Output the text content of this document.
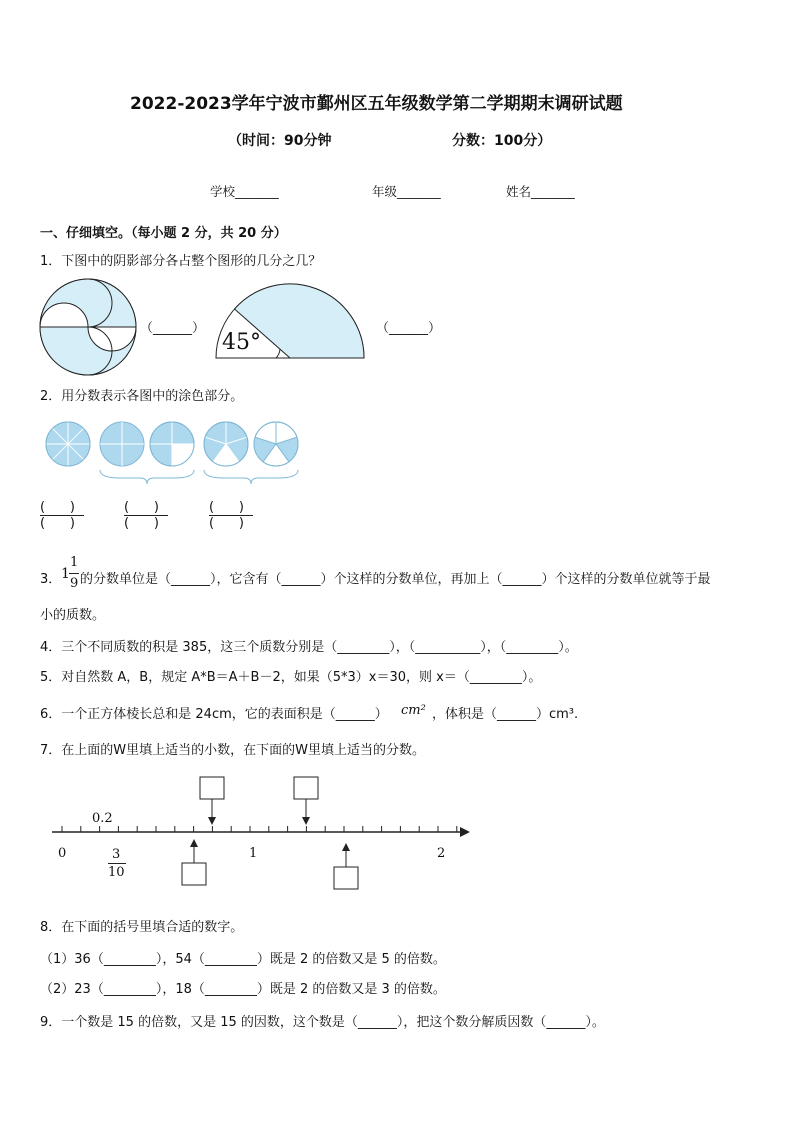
2022-2023学年宁波市鄞州区五年级数学第二学期期末调研试题
（时间：90分钟	分数：100分）
学校_______	年级_______	姓名_______
一、仔细填空。（每小题 2 分，共 20 分）
1．下图中的阴影部分各占整个图形的几分之几？
（______）
45°
（______）
2．用分数表示各图中的涂色部分。
(      )
(      )
(      )
(      )
(      )
(      )
3． 1
1
9 的分数单位是（______），它含有（______）个这样的分数单位，再加上（______）个这样的分数单位就等于最
小的质数。
4．三个不同质数的积是 385，这三个质数分别是（________），（__________），（________）。
5．对自然数 A，B，规定 A*B＝A＋B－2，如果（5*3）x＝30，则 x＝（________）。
6．一个正方体棱长总和是 24cm，它的表面积是（______） cm² ，体积是（______）cm³.
7．在上面的W里填上适当的小数，在下面的W里填上适当的分数。
0.2
0	1	2
3
10
8．在下面的括号里填合适的数字。
（1）36（________），54（________）既是 2 的倍数又是 5 的倍数。
（2）23（________），18（________）既是 2 的倍数又是 3 的倍数。
9．一个数是 15 的倍数，又是 15 的因数，这个数是（______），把这个数分解质因数（______）。
